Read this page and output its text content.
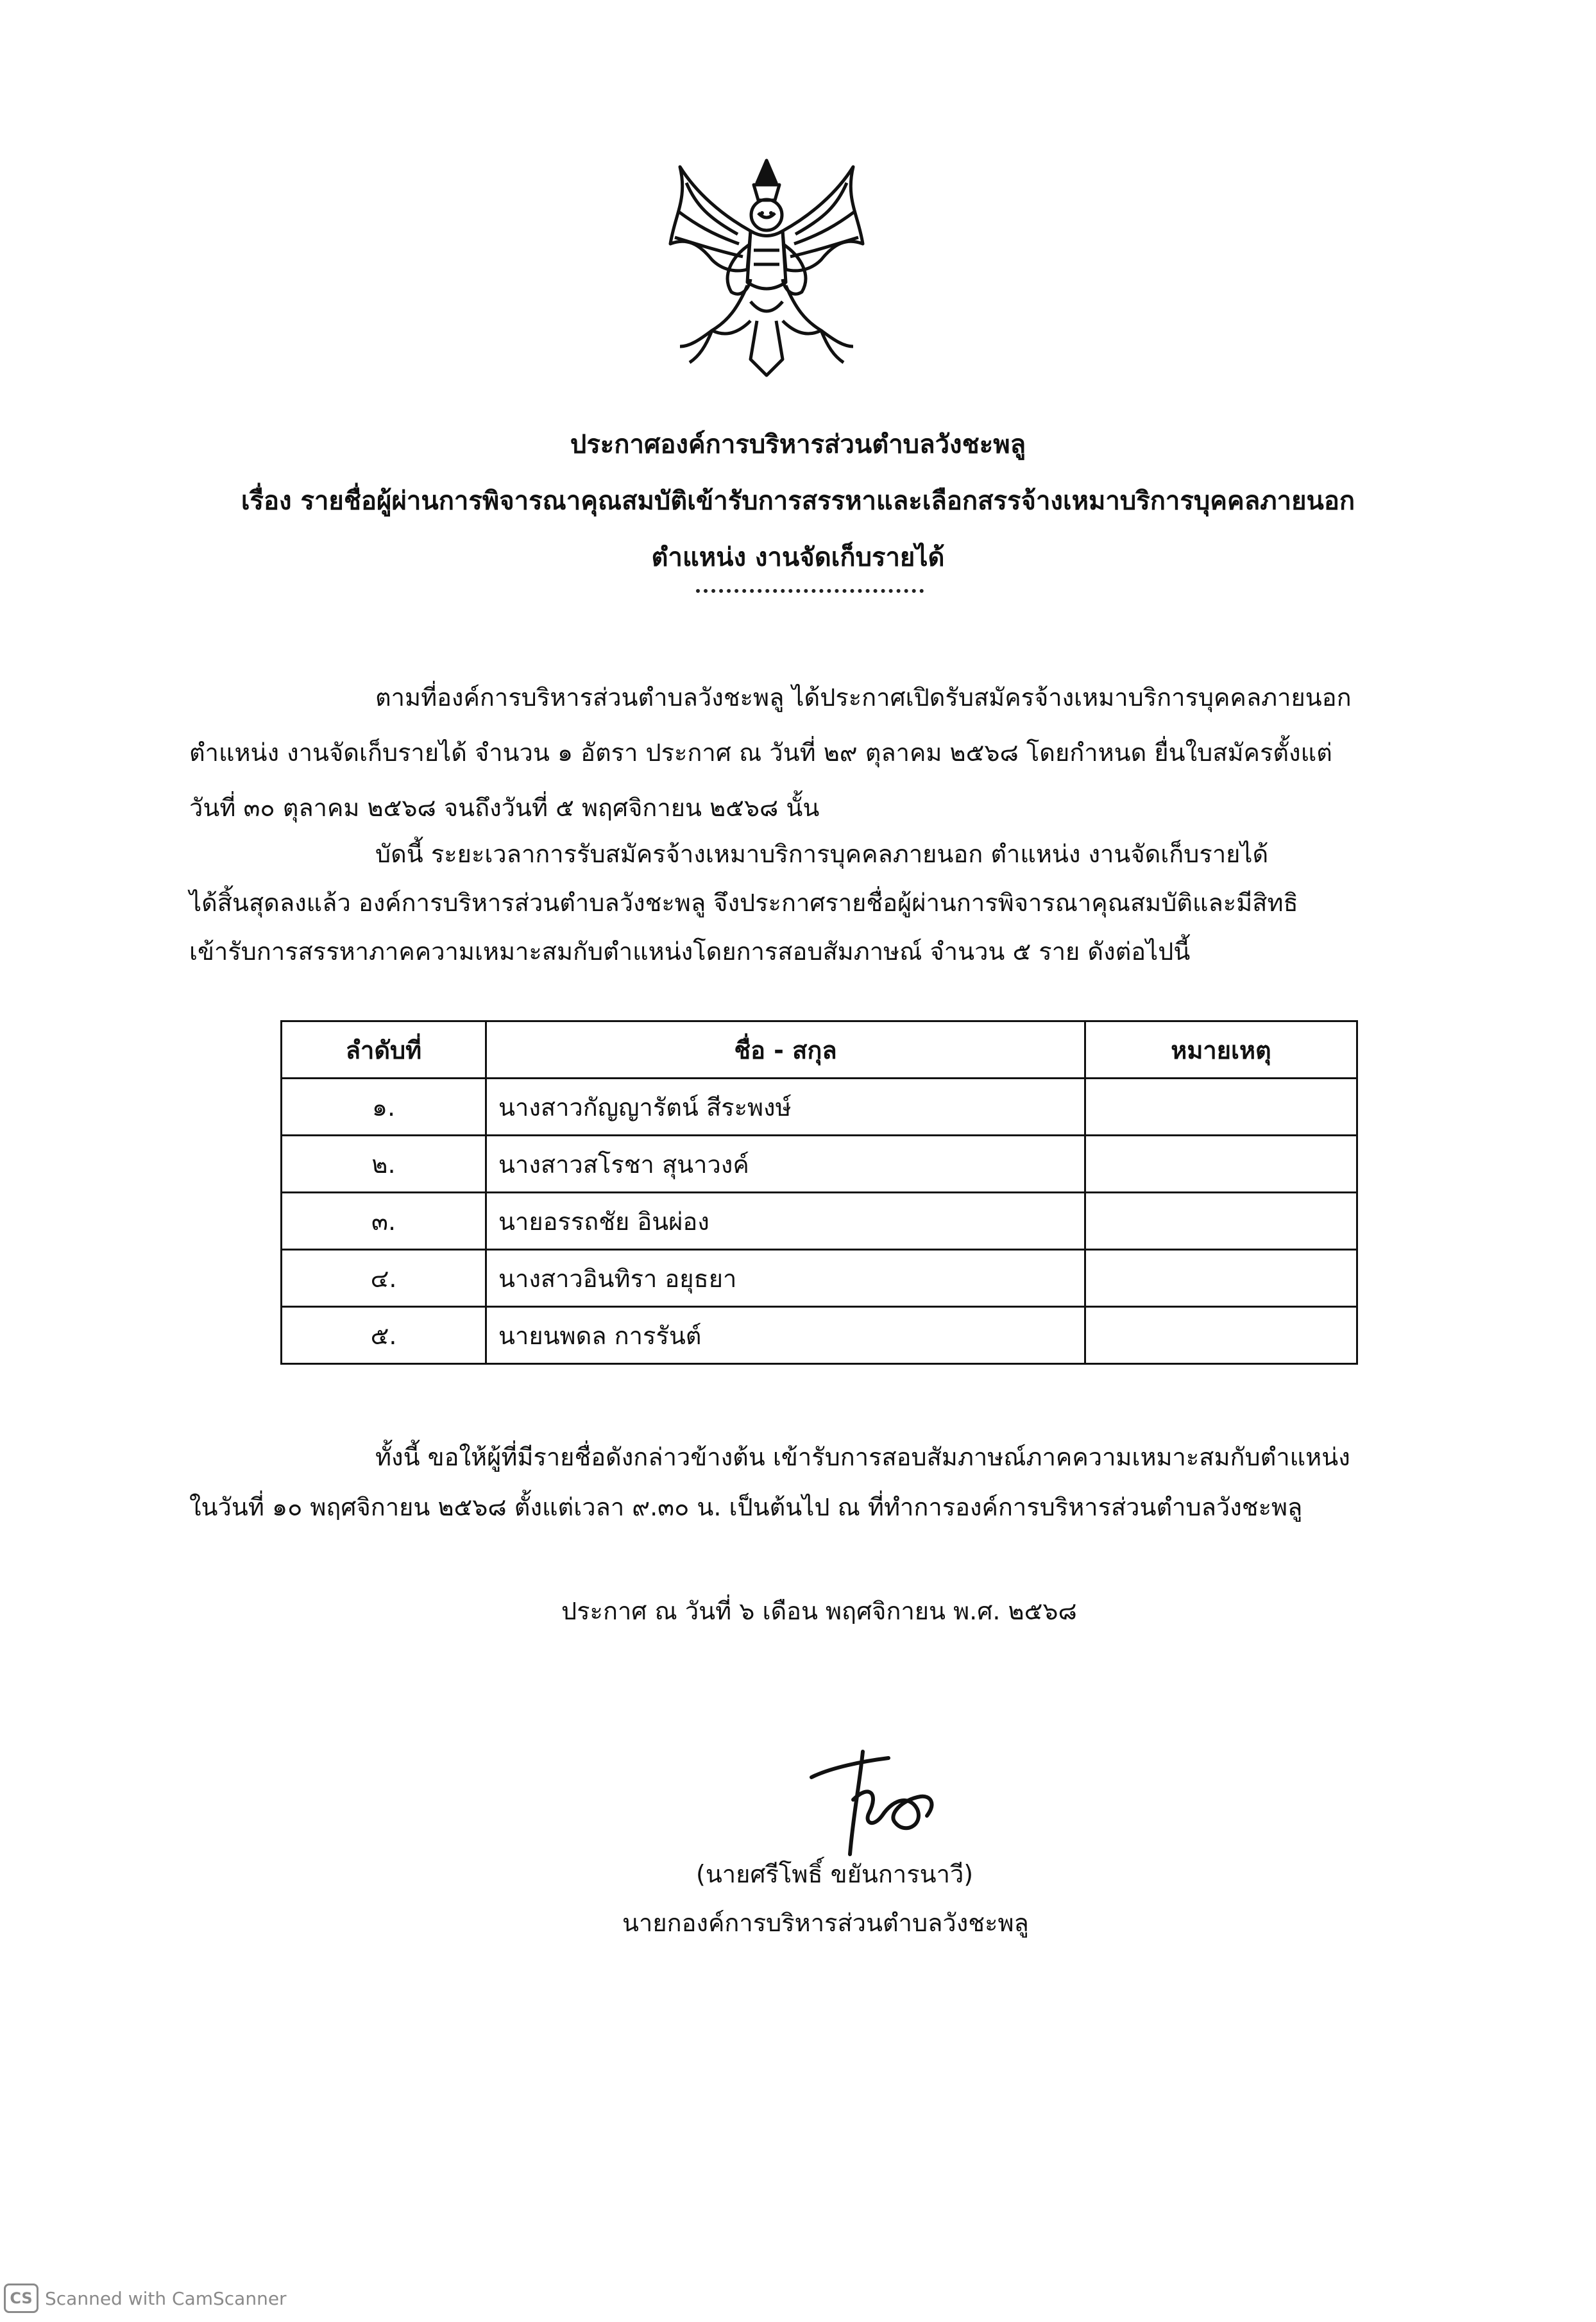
ประกาศองค์การบริหารส่วนตำบลวังชะพลู
เรื่อง รายชื่อผู้ผ่านการพิจารณาคุณสมบัติเข้ารับการสรรหาและเลือกสรรจ้างเหมาบริการบุคคลภายนอก
ตำแหน่ง งานจัดเก็บรายได้
ตามที่องค์การบริหารส่วนตำบลวังชะพลู ได้ประกาศเปิดรับสมัครจ้างเหมาบริการบุคคลภายนอก
ตำแหน่ง งานจัดเก็บรายได้ จำนวน ๑ อัตรา ประกาศ ณ วันที่ ๒๙ ตุลาคม ๒๕๖๘ โดยกำหนด ยื่นใบสมัครตั้งแต่
วันที่ ๓๐ ตุลาคม ๒๕๖๘ จนถึงวันที่ ๕ พฤศจิกายน ๒๕๖๘ นั้น
บัดนี้ ระยะเวลาการรับสมัครจ้างเหมาบริการบุคคลภายนอก ตำแหน่ง งานจัดเก็บรายได้
ได้สิ้นสุดลงแล้ว องค์การบริหารส่วนตำบลวังชะพลู จึงประกาศรายชื่อผู้ผ่านการพิจารณาคุณสมบัติและมีสิทธิ
เข้ารับการสรรหาภาคความเหมาะสมกับตำแหน่งโดยการสอบสัมภาษณ์ จำนวน ๕ ราย ดังต่อไปนี้
ลำดับที่	ชื่อ - สกุล	หมายเหตุ
๑.	นางสาวกัญญารัตน์ สีระพงษ์	
๒.	นางสาวสโรชา สุนาวงค์	
๓.	นายอรรถชัย อินผ่อง	
๔.	นางสาวอินทิรา อยุธยา	
๕.	นายนพดล การรันต์	
ทั้งนี้ ขอให้ผู้ที่มีรายชื่อดังกล่าวข้างต้น เข้ารับการสอบสัมภาษณ์ภาคความเหมาะสมกับตำแหน่ง
ในวันที่ ๑๐ พฤศจิกายน ๒๕๖๘ ตั้งแต่เวลา ๙.๓๐ น. เป็นต้นไป ณ ที่ทำการองค์การบริหารส่วนตำบลวังชะพลู
ประกาศ ณ วันที่ ๖ เดือน พฤศจิกายน พ.ศ. ๒๕๖๘
(นายศรีโพธิ์ ขยันการนาวี)
นายกองค์การบริหารส่วนตำบลวังชะพลู
CS Scanned with CamScanner
